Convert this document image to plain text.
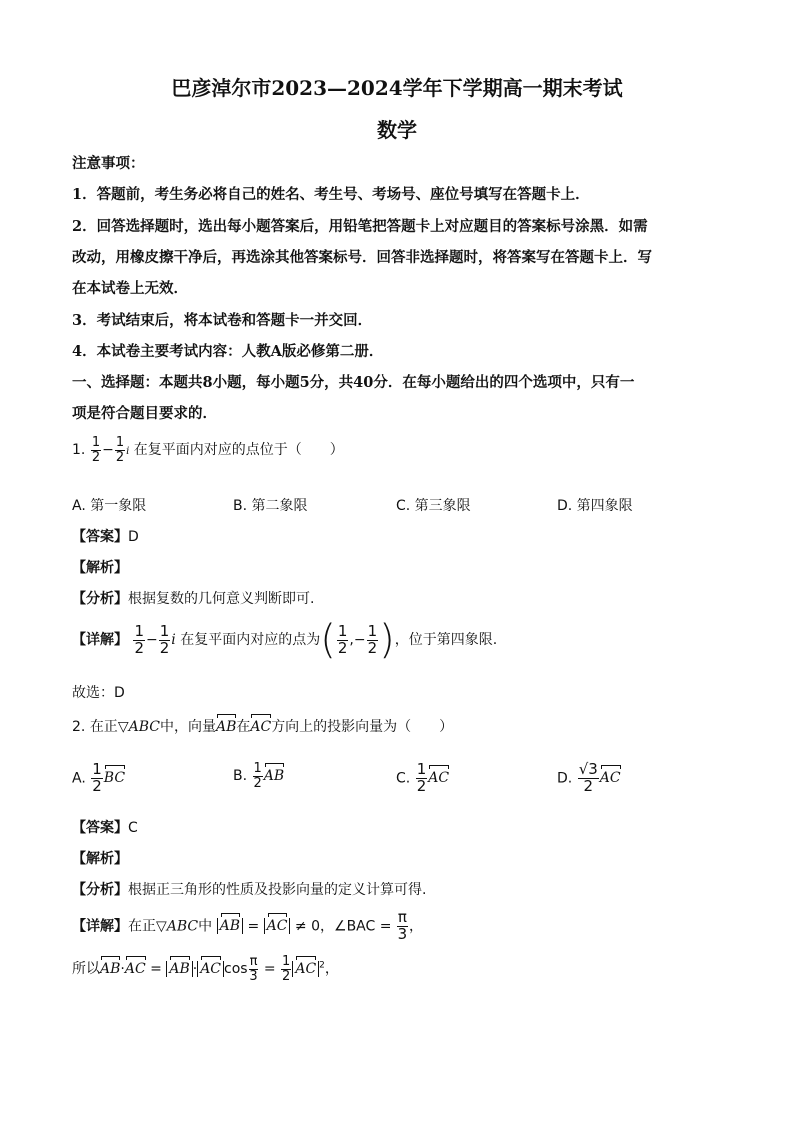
巴彦淖尔市2023—2024学年下学期高一期末考试
数学
注意事项：
1．答题前，考生务必将自己的姓名、考生号、考场号、座位号填写在答题卡上．
2．回答选择题时，选出每小题答案后，用铅笔把答题卡上对应题目的答案标号涂黑．如需
改动，用橡皮擦干净后，再选涂其他答案标号．回答非选择题时，将答案写在答题卡上．写
在本试卷上无效．
3．考试结束后，将本试卷和答题卡一并交回．
4．本试卷主要考试内容：人教A版必修第二册．
一、选择题：本题共8小题，每小题5分，共40分．在每小题给出的四个选项中，只有一
项是符合题目要求的．
1. $\frac{1}{2} - \frac{1}{2}$ i 在复平面内对应的点位于（　　）
A. 第一象限	B. 第二象限	C. 第三象限	D. 第四象限
【答案】D
【解析】
【分析】根据复数的几何意义判断即可.
【详解】 $\frac{1}{2} - \frac{1}{2}$ i 在复平面内对应的点为( $\frac{1}{2}$ ,− $\frac{1}{2}$ )，位于第四象限.
故选：D
2. 在正▽ABC中，向量AB在AC方向上的投影向量为（　　）
A. $\frac{1}{2}$ BC	B. $\frac{1}{2}$ AB	C. $\frac{1}{2}$ AC	D. $\frac{√3}{2}$ AC
【答案】C
【解析】
【分析】根据正三角形的性质及投影向量的定义计算可得.
【详解】在正▽ABC中 AB = AC ≠ 0，∠BAC = $\frac{\pi}{3}$ ，
所以AB·AC = AB · AC $\cos \frac{\pi}{3} = \frac{1}{2}$ AC $^2$，
